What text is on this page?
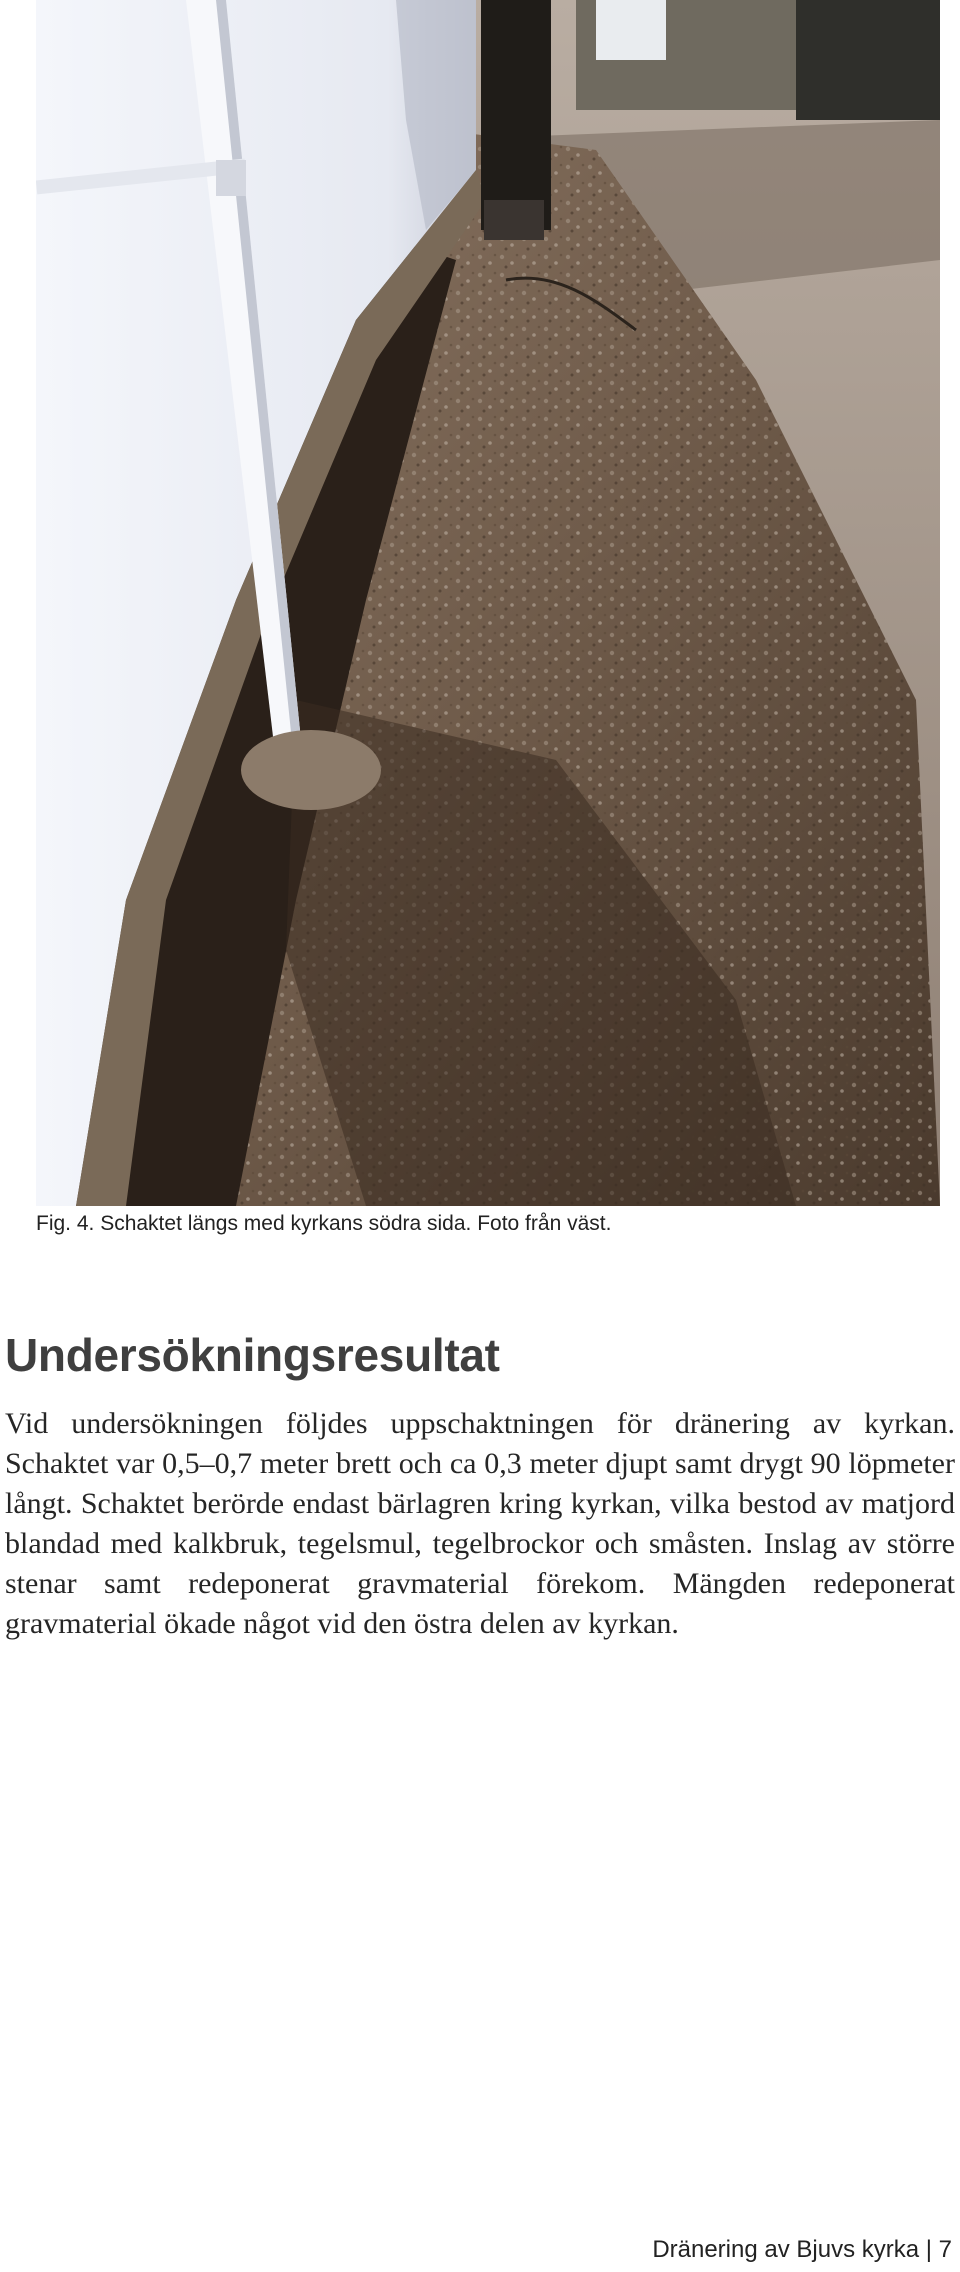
Fig. 4. Schaktet längs med kyrkans södra sida. Foto från väst.
Undersökningsresultat
Vid undersökningen följdes uppschaktningen för dränering av kyrkan. Schaktet var 0,5–0,7 meter brett och ca 0,3 meter djupt samt drygt 90 löpmeter långt. Schaktet berörde endast bärlagren kring kyrkan, vilka bestod av matjord blandad med kalkbruk, tegelsmul, tegelbrockor och småsten. Inslag av större stenar samt redeponerat gravmaterial förekom. Mängden redeponerat gravmaterial ökade något vid den östra delen av kyrkan.
Dränering av Bjuvs kyrka | 7
